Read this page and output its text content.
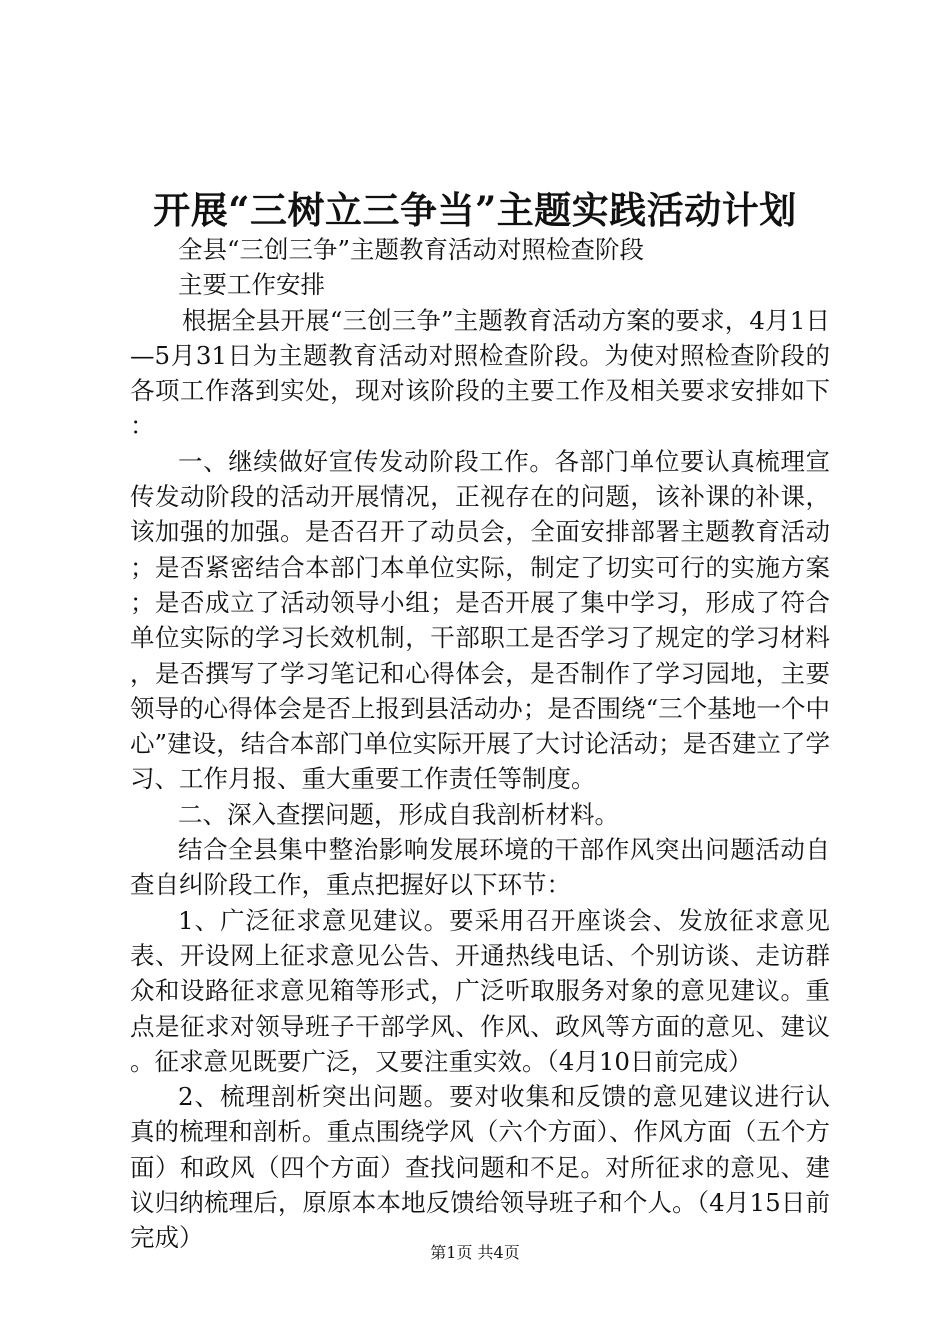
开展“三树立三争当”主题实践活动计划

全县“三创三争”主题教育活动对照检查阶段

主要工作安排

根据全县开展“三创三争”主题教育活动方案的要求，4月1日—5月31日为主题教育活动对照检查阶段。为使对照检查阶段的各项工作落到实处，现对该阶段的主要工作及相关要求安排如下：

一、继续做好宣传发动阶段工作。各部门单位要认真梳理宣传发动阶段的活动开展情况，正视存在的问题，该补课的补课，该加强的加强。是否召开了动员会，全面安排部署主题教育活动；是否紧密结合本部门本单位实际，制定了切实可行的实施方案；是否成立了活动领导小组；是否开展了集中学习，形成了符合单位实际的学习长效机制，干部职工是否学习了规定的学习材料，是否撰写了学习笔记和心得体会，是否制作了学习园地，主要领导的心得体会是否上报到县活动办；是否围绕“三个基地一个中心”建设，结合本部门单位实际开展了大讨论活动；是否建立了学习、工作月报、重大重要工作责任等制度。

二、深入查摆问题，形成自我剖析材料。

结合全县集中整治影响发展环境的干部作风突出问题活动自查自纠阶段工作，重点把握好以下环节：

1、广泛征求意见建议。要采用召开座谈会、发放征求意见表、开设网上征求意见公告、开通热线电话、个别访谈、走访群众和设路征求意见箱等形式，广泛听取服务对象的意见建议。重点是征求对领导班子干部学风、作风、政风等方面的意见、建议。征求意见既要广泛，又要注重实效。（4月10日前完成）

2、梳理剖析突出问题。要对收集和反馈的意见建议进行认真的梳理和剖析。重点围绕学风（六个方面）、作风方面（五个方面）和政风（四个方面）查找问题和不足。对所征求的意见、建议归纳梳理后，原原本本地反馈给领导班子和个人。（4月15日前完成）

第1页 共4页
